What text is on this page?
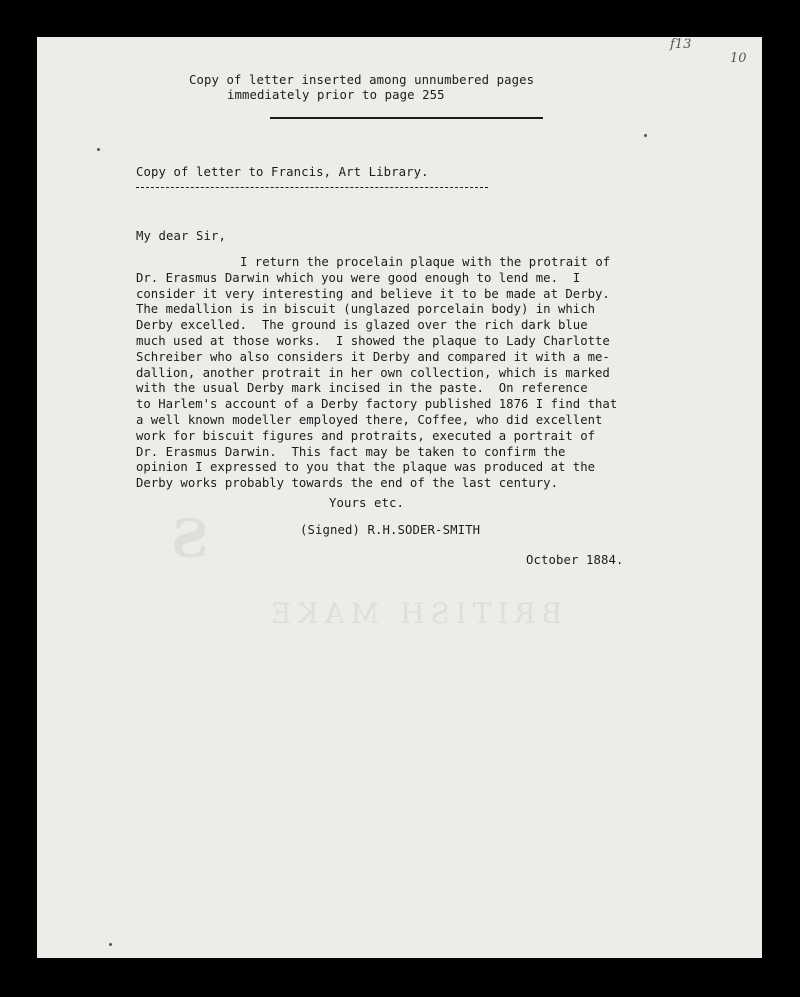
f13
10
S
BRITISH MAKE
Copy of letter inserted among unnumbered pages
immediately prior to page 255
Copy of letter to Francis, Art Library.
My dear Sir,
I return the procelain plaque with the protrait of
Dr. Erasmus Darwin which you were good enough to lend me.  I
consider it very interesting and believe it to be made at Derby.
The medallion is in biscuit (unglazed porcelain body) in which
Derby excelled.  The ground is glazed over the rich dark blue
much used at those works.  I showed the plaque to Lady Charlotte
Schreiber who also considers it Derby and compared it with a me-
dallion, another protrait in her own collection, which is marked
with the usual Derby mark incised in the paste.  On reference
to Harlem's account of a Derby factory published 1876 I find that
a well known modeller employed there, Coffee, who did excellent
work for biscuit figures and protraits, executed a portrait of
Dr. Erasmus Darwin.  This fact may be taken to confirm the
opinion I expressed to you that the plaque was produced at the
Derby works probably towards the end of the last century.
Yours etc.
(Signed) R.H.SODER-SMITH
October 1884.
